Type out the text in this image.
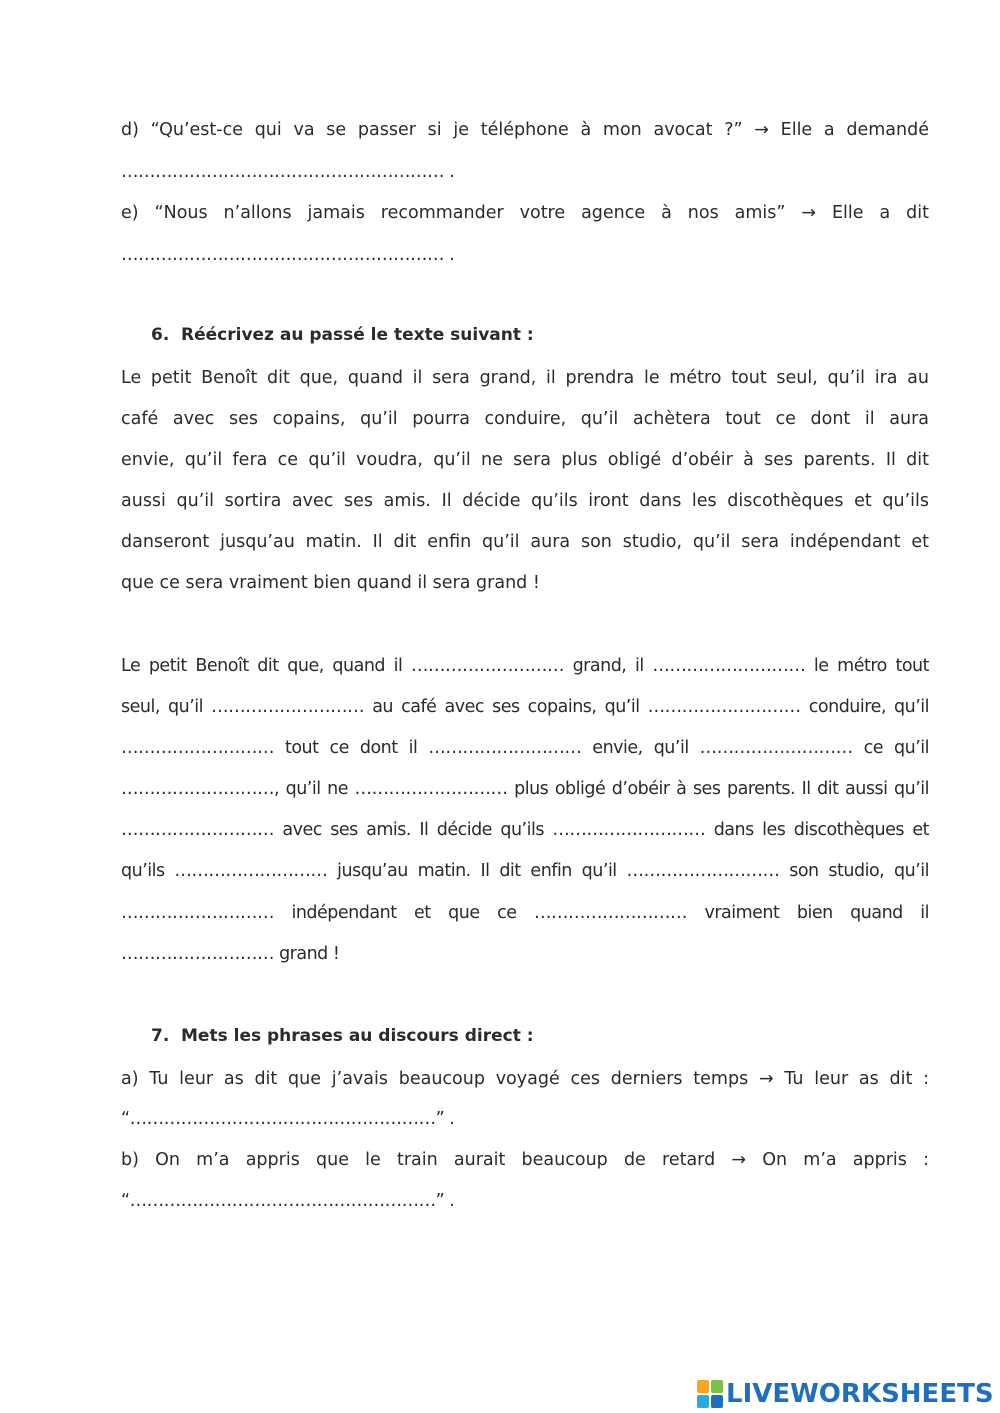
d) “Qu’est-ce qui va se passer si je téléphone à mon avocat ?” → Elle a demandé
………………………………………………… .
e) “Nous n’allons jamais recommander votre agence à nos amis” → Elle a dit
………………………………………………… .
6. Réécrivez au passé le texte suivant :
Le petit Benoît dit que, quand il sera grand, il prendra le métro tout seul, qu’il ira au
café avec ses copains, qu’il pourra conduire, qu’il achètera tout ce dont il aura
envie, qu’il fera ce qu’il voudra, qu’il ne sera plus obligé d’obéir à ses parents. Il dit
aussi qu’il sortira avec ses amis. Il décide qu’ils iront dans les discothèques et qu’ils
danseront jusqu’au matin. Il dit enfin qu’il aura son studio, qu’il sera indépendant et
que ce sera vraiment bien quand il sera grand !
Le petit Benoît dit que, quand il ……………………… grand, il ……………………… le métro tout
seul, qu’il ……………………… au café avec ses copains, qu’il ……………………… conduire, qu’il
……………………… tout ce dont il ……………………… envie, qu’il ……………………… ce qu’il
………………………, qu’il ne ……………………… plus obligé d’obéir à ses parents. Il dit aussi qu’il
……………………… avec ses amis. Il décide qu’ils ……………………… dans les discothèques et
qu’ils ……………………… jusqu’au matin. Il dit enfin qu’il ……………………… son studio, qu’il
……………………… indépendant et que ce ……………………… vraiment bien quand il
……………………… grand !
7. Mets les phrases au discours direct :
a) Tu leur as dit que j’avais beaucoup voyagé ces derniers temps → Tu leur as dit :
“………………………………………………” .
b) On m’a appris que le train aurait beaucoup de retard → On m’a appris :
“………………………………………………” .
LIVEWORKSHEETS
